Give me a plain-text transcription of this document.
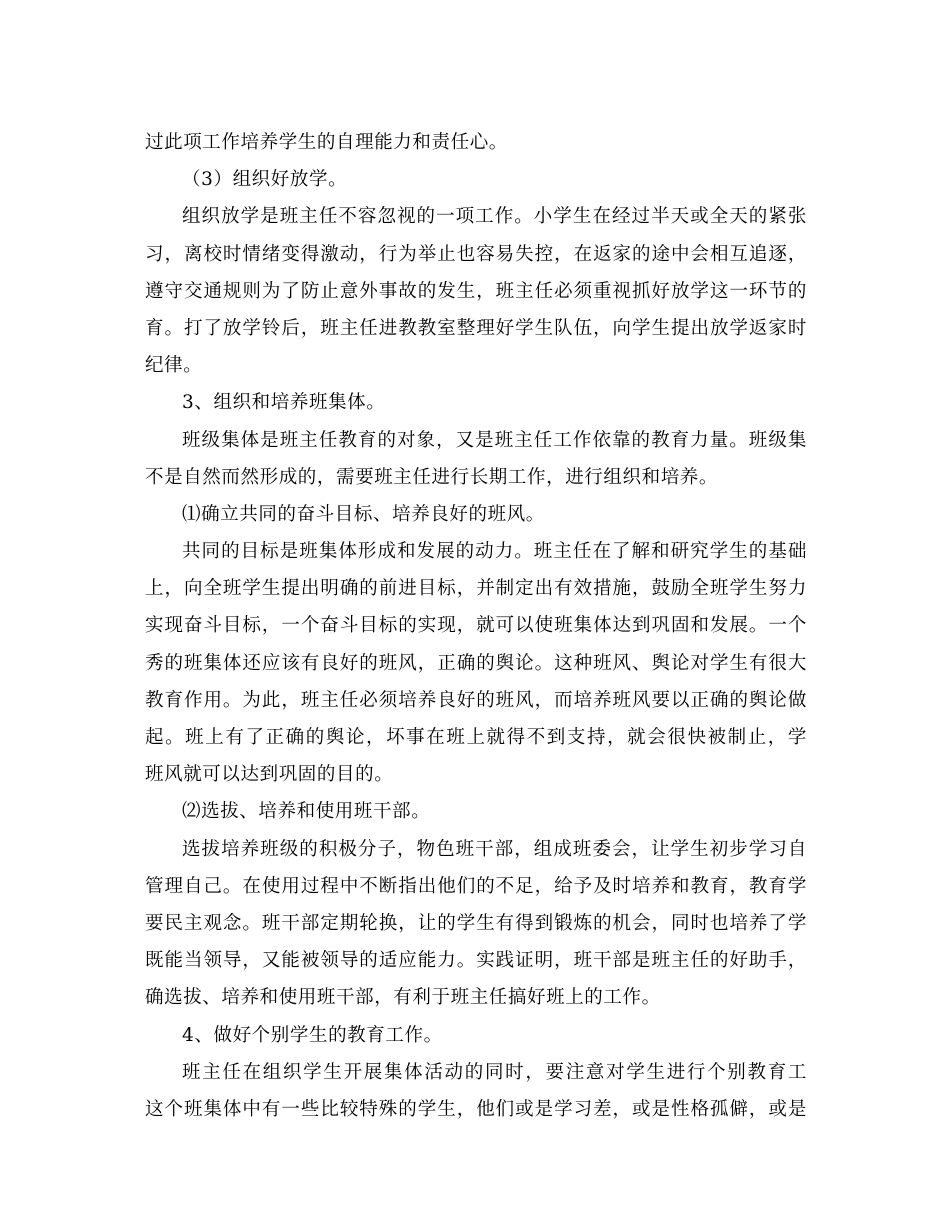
过此项工作培养学生的自理能力和责任心。
（3）组织好放学。
组织放学是班主任不容忽视的一项工作。小学生在经过半天或全天的紧张
习，离校时情绪变得激动，行为举止也容易失控，在返家的途中会相互追逐，
遵守交通规则为了防止意外事故的发生，班主任必须重视抓好放学这一环节的
育。打了放学铃后，班主任进教教室整理好学生队伍，向学生提出放学返家时
纪律。
3、组织和培养班集体。
班级集体是班主任教育的对象，又是班主任工作依靠的教育力量。班级集
不是自然而然形成的，需要班主任进行长期工作，进行组织和培养。
⑴确立共同的奋斗目标、培养良好的班风。
共同的目标是班集体形成和发展的动力。班主任在了解和研究学生的基础
上，向全班学生提出明确的前进目标，并制定出有效措施，鼓励全班学生努力
实现奋斗目标，一个奋斗目标的实现，就可以使班集体达到巩固和发展。一个
秀的班集体还应该有良好的班风，正确的舆论。这种班风、舆论对学生有很大
教育作用。为此，班主任必须培养良好的班风，而培养班风要以正确的舆论做
起。班上有了正确的舆论，坏事在班上就得不到支持，就会很快被制止，学
班风就可以达到巩固的目的。
⑵选拔、培养和使用班干部。
选拔培养班级的积极分子，物色班干部，组成班委会，让学生初步学习自
管理自己。在使用过程中不断指出他们的不足，给予及时培养和教育，教育学
要民主观念。班干部定期轮换，让的学生有得到锻炼的机会，同时也培养了学
既能当领导，又能被领导的适应能力。实践证明，班干部是班主任的好助手，
确选拔、培养和使用班干部，有利于班主任搞好班上的工作。
4、做好个别学生的教育工作。
班主任在组织学生开展集体活动的同时，要注意对学生进行个别教育工
这个班集体中有一些比较特殊的学生，他们或是学习差，或是性格孤僻，或是
